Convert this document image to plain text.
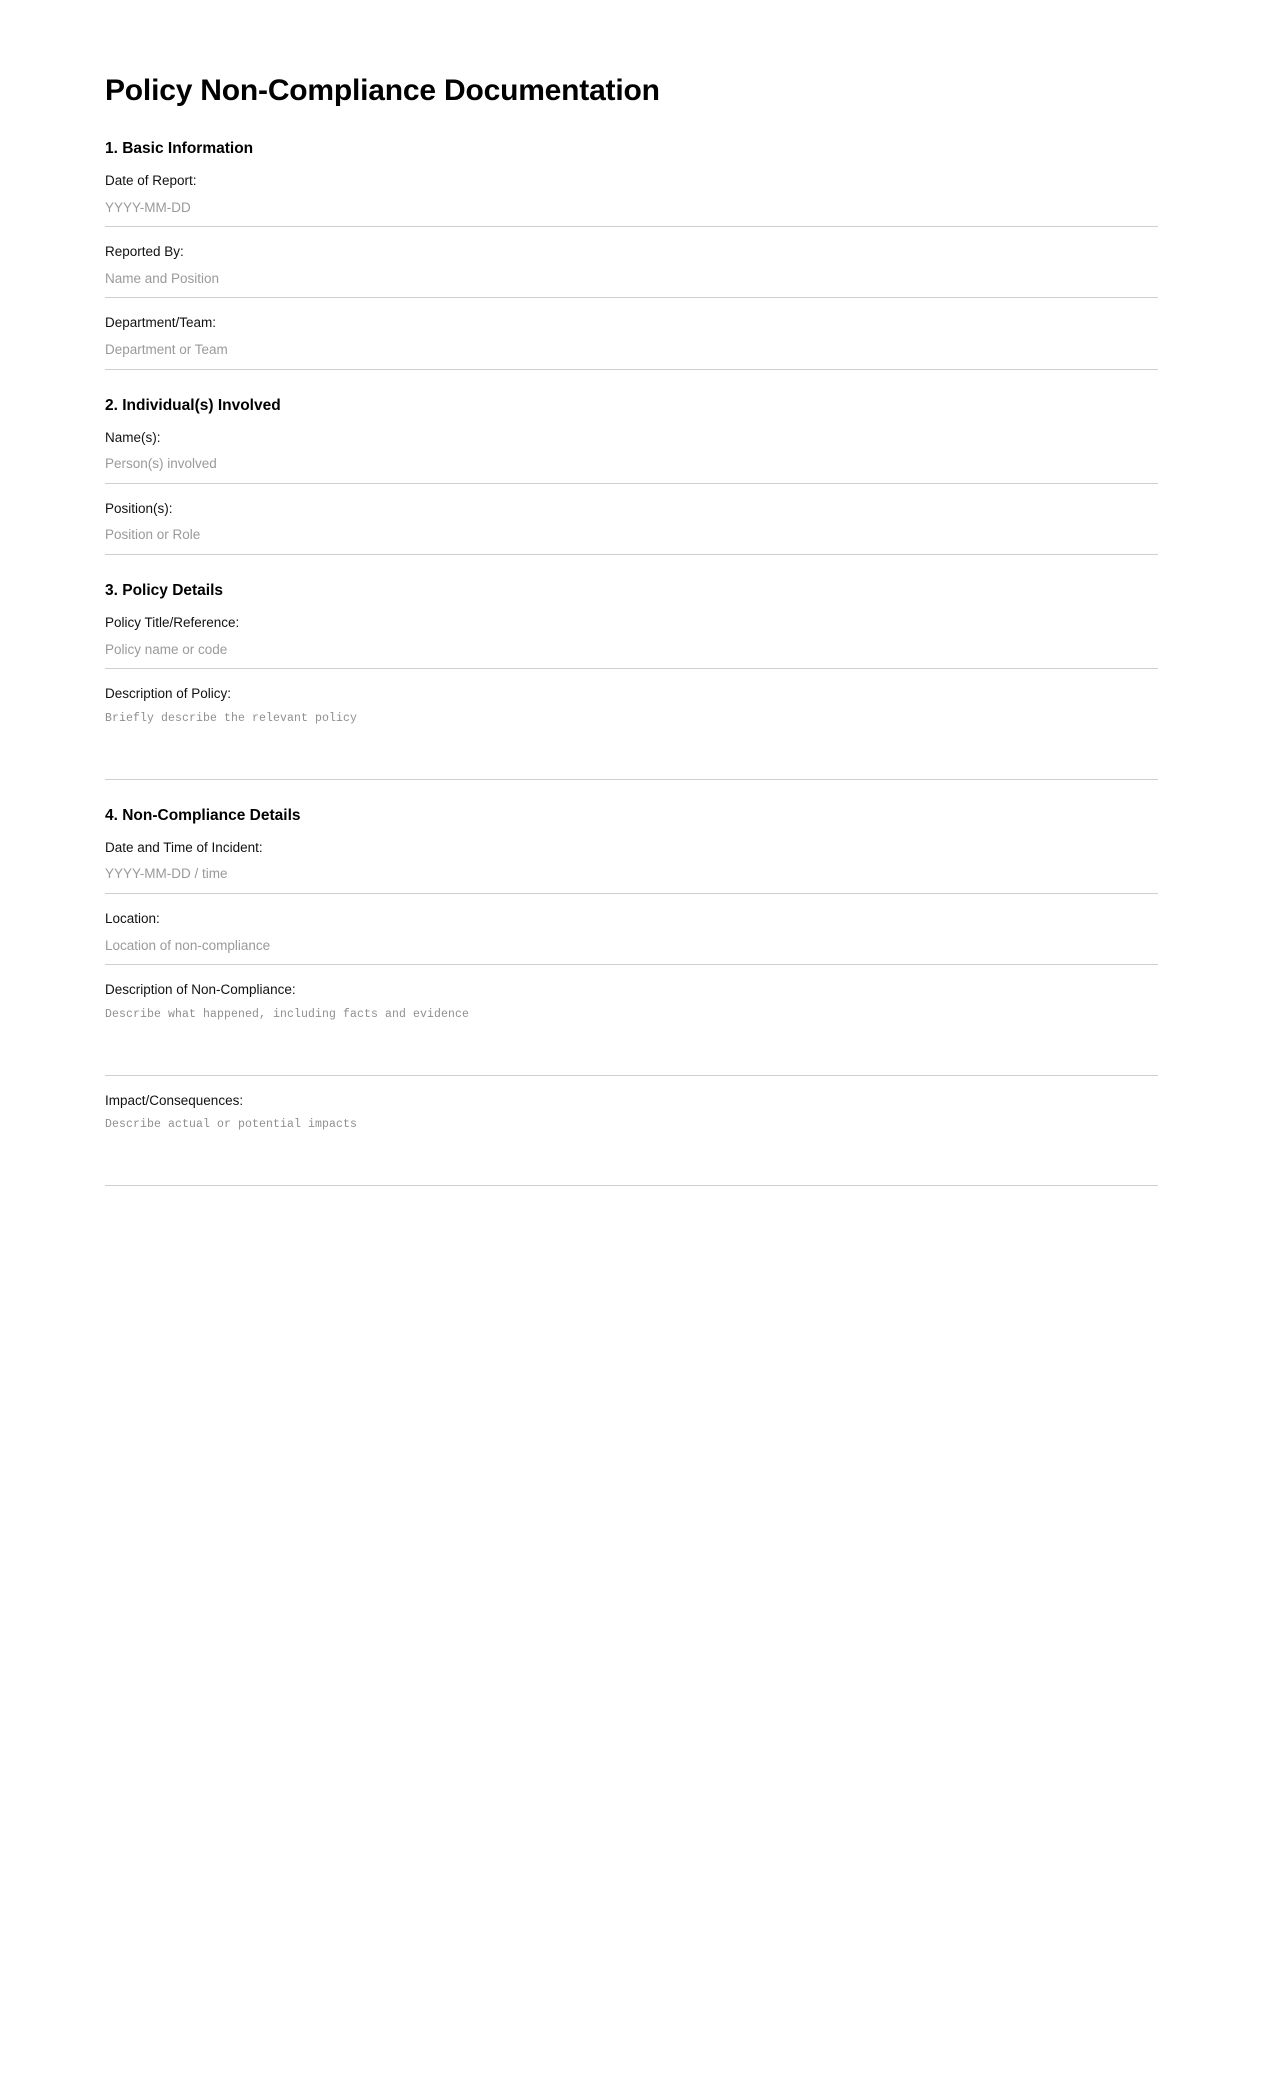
Policy Non-Compliance Documentation
1. Basic Information
Date of Report:
YYYY-MM-DD
Reported By:
Name and Position
Department/Team:
Department or Team
2. Individual(s) Involved
Name(s):
Person(s) involved
Position(s):
Position or Role
3. Policy Details
Policy Title/Reference:
Policy name or code
Description of Policy:
Briefly describe the relevant policy
4. Non-Compliance Details
Date and Time of Incident:
YYYY-MM-DD / time
Location:
Location of non-compliance
Description of Non-Compliance:
Describe what happened, including facts and evidence
Impact/Consequences:
Describe actual or potential impacts
